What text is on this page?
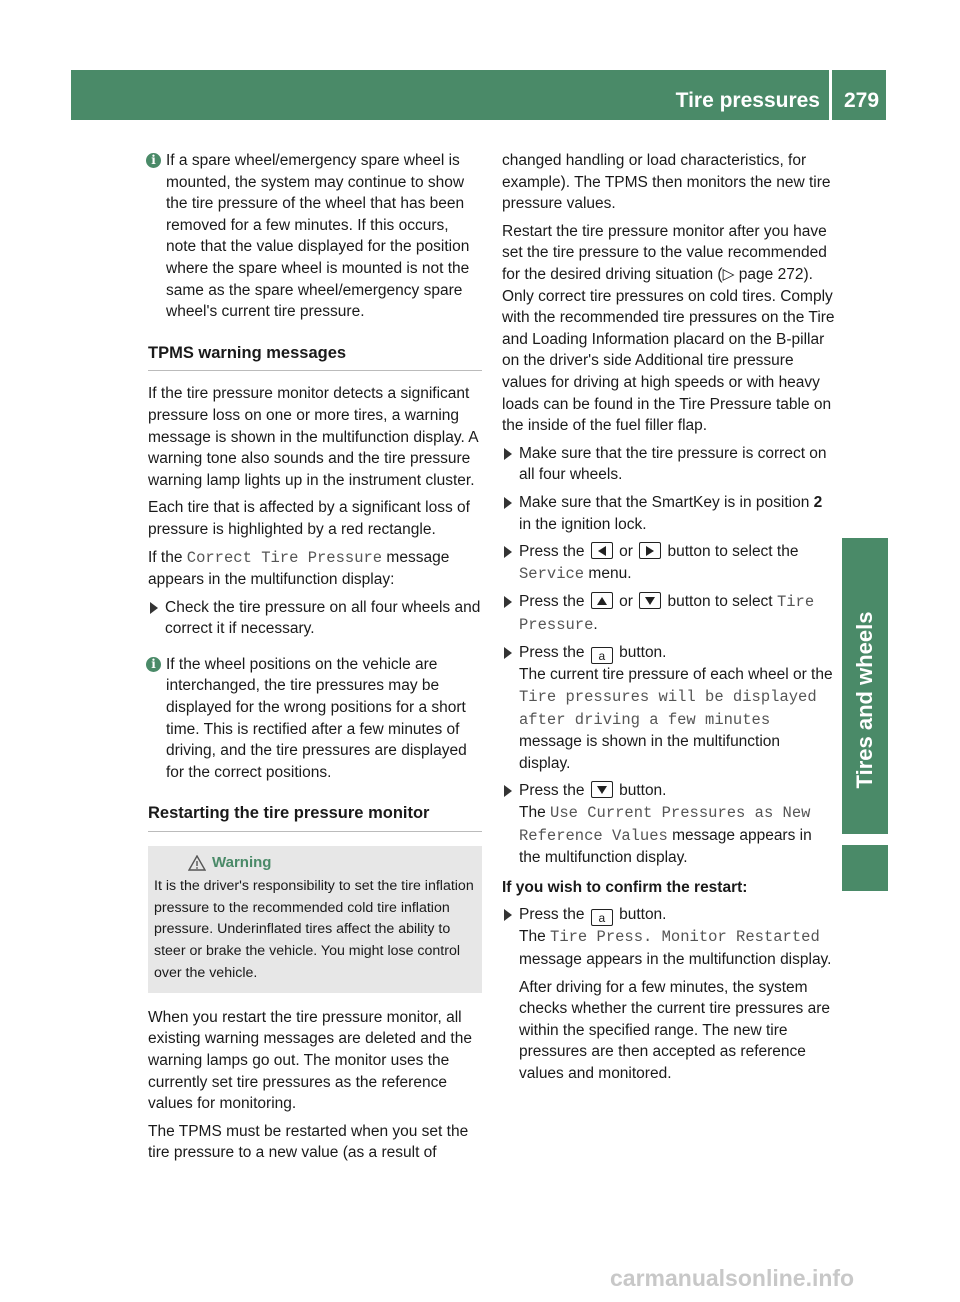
Tire pressures 279
Tires and wheels
i If a spare wheel/emergency spare wheel is mounted, the system may continue to show the tire pressure of the wheel that has been removed for a few minutes. If this occurs, note that the value displayed for the position where the spare wheel is mounted is not the same as the spare wheel/emergency spare wheel's current tire pressure.
TPMS warning messages

If the tire pressure monitor detects a significant pressure loss on one or more tires, a warning message is shown in the multifunction display. A warning tone also sounds and the tire pressure warning lamp lights up in the instrument cluster.

Each tire that is affected by a significant loss of pressure is highlighted by a red rectangle.

If the Correct Tire Pressure message appears in the multifunction display:

Check the tire pressure on all four wheels and correct it if necessary.
i If the wheel positions on the vehicle are interchanged, the tire pressures may be displayed for the wrong positions for a short time. This is rectified after a few minutes of driving, and the tire pressures are displayed for the correct positions.
Restarting the tire pressure monitor
Warning
It is the driver's responsibility to set the tire inflation pressure to the recommended cold tire inflation pressure. Underinflated tires affect the ability to steer or brake the vehicle. You might lose control over the vehicle.

When you restart the tire pressure monitor, all existing warning messages are deleted and the warning lamps go out. The monitor uses the currently set tire pressures as the reference values for monitoring.

The TPMS must be restarted when you set the tire pressure to a new value (as a result of

changed handling or load characteristics, for example). The TPMS then monitors the new tire pressure values.

Restart the tire pressure monitor after you have set the tire pressure to the value recommended for the desired driving situation (▷ page 272). Only correct tire pressures on cold tires. Comply with the recommended tire pressures on the Tire and Loading Information placard on the B-pillar on the driver's side Additional tire pressure values for driving at high speeds or with heavy loads can be found in the Tire Pressure table on the inside of the fuel filler flap.

Make sure that the tire pressure is correct on all four wheels.
Make sure that the SmartKey is in position 2 in the ignition lock.
Press the
or
button to select the Service menu.
Press the
or
button to select Tire Pressure.
Press the a button.
The current tire pressure of each wheel or the Tire pressures will be displayed after driving a few minutes message is shown in the multifunction display.
Press the
button.
The Use Current Pressures as New Reference Values message appears in the multifunction display.

If you wish to confirm the restart:

Press the a button.
The Tire Press. Monitor Restarted message appears in the multifunction display.
After driving for a few minutes, the system checks whether the current tire pressures are within the specified range. The new tire pressures are then accepted as reference values and monitored.
carmanualsonline.info
